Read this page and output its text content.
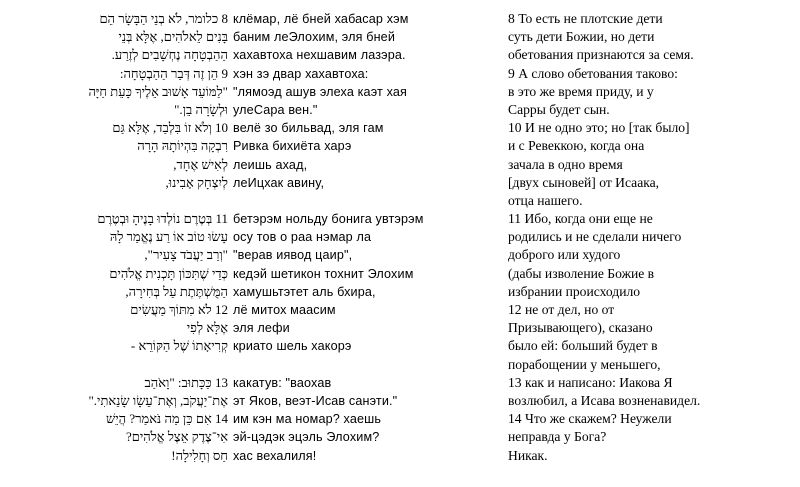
8 כלומר, לֹא בְנֵי הַבָּשָׂר הֵם
בָּנִים לֵאלֹהִים, אֶלָּא בְּנֵי
הַהַבְטָחָה נֶחְשָׁבִים לְזֶרַע.
9 הֵן זֶה דְּבַר הַהַבְטָחָה:
"לַמּוֹעֵד אָשׁוּב אֵלֶיךָ כָּעֵת חַיָּה
וּלְשָׂרָה בֵן."
10 וְלֹא זוֹ בִּלְבַד, אֶלָּא גַּם
רִבְקָה בִּהְיוֹתָהּ הָרָה
לְאִישׁ אֶחָד,
לְיִצְחָק אָבִינוּ,
11 בְּטֶרֶם נוֹלְדוּ בָנֶיהָ וּבְטֶרֶם
עָשׂוּ טוֹב אוֹ רַע נֶאֱמַר לָהּ
"וְרַב יַעֲבֹד צָעִיר",
כְּדֵי שֶׁתִּכּוֹן תָּכְנִית אֱלֹהִים
הַמֻּשְׁתֶּתֶת עַל בְּחִירָה,
12 לֹא מִתּוֹךְ מַעֲשִׂים
אֶלָּא לְפִי
קְרִיאָתוֹ שֶׁל הַקּוֹרֵא -
13 כַּכָּתוּב: "וָאֹהַב
אֶת־יַעֲקֹב, וְאֶת־עֵשָׂו שָׂנֵאתִי."
14 אִם כֵּן מַה נֹּאמַר? הֲיֵשׁ
אִי־צֶדֶק אֵצֶל אֱלֹהִים?
חַס וְחָלִילָה!
клёмар, лё бней хабасар хэм
баним леЭлохим, эля бней
хахавтоха нехшавим лазэра.
хэн зэ двар хахавтоха:
"лямоэд ашув элеха каэт хая
улеСара вен."
велё зо бильвад, эля гам
Ривка бихиёта харэ
леишь ахад,
леИцхак авину,
бетэрэм нольду бонига увтэрэм
осу тов о раа нэмар ла
"верав иявод цаир",
кедэй шетикон тохнит Элохим
хамушьтэтет аль бхира,
лё митох маасим
эля лефи
криато шель хакорэ
какатув: "ваохав
эт Яков, веэт-Исав санэти."
им кэн ма номар? хаешь
эй-цэдэк эцэль Элохим?
хас вехалиля!
8 То есть не плотские дети
суть дети Божии, но дети
обетования признаются за семя.
9 А слово обетования таково:
в это же время приду, и у
Сарры будет сын.
10 И не одно это; но [так было]
и с Ревеккою, когда она
зачала в одно время
[двух сыновей] от Исаака,
отца нашего.
11 Ибо, когда они еще не
родились и не сделали ничего
доброго или худого
(дабы изволение Божие в
избрании происходило
12 не от дел, но от
Призывающего), сказано
было ей: больший будет в
порабощении у меньшего,
13 как и написано: Иакова Я
возлюбил, а Исава возненавидел.
14 Что же скажем? Неужели
неправда у Бога?
Никак.
